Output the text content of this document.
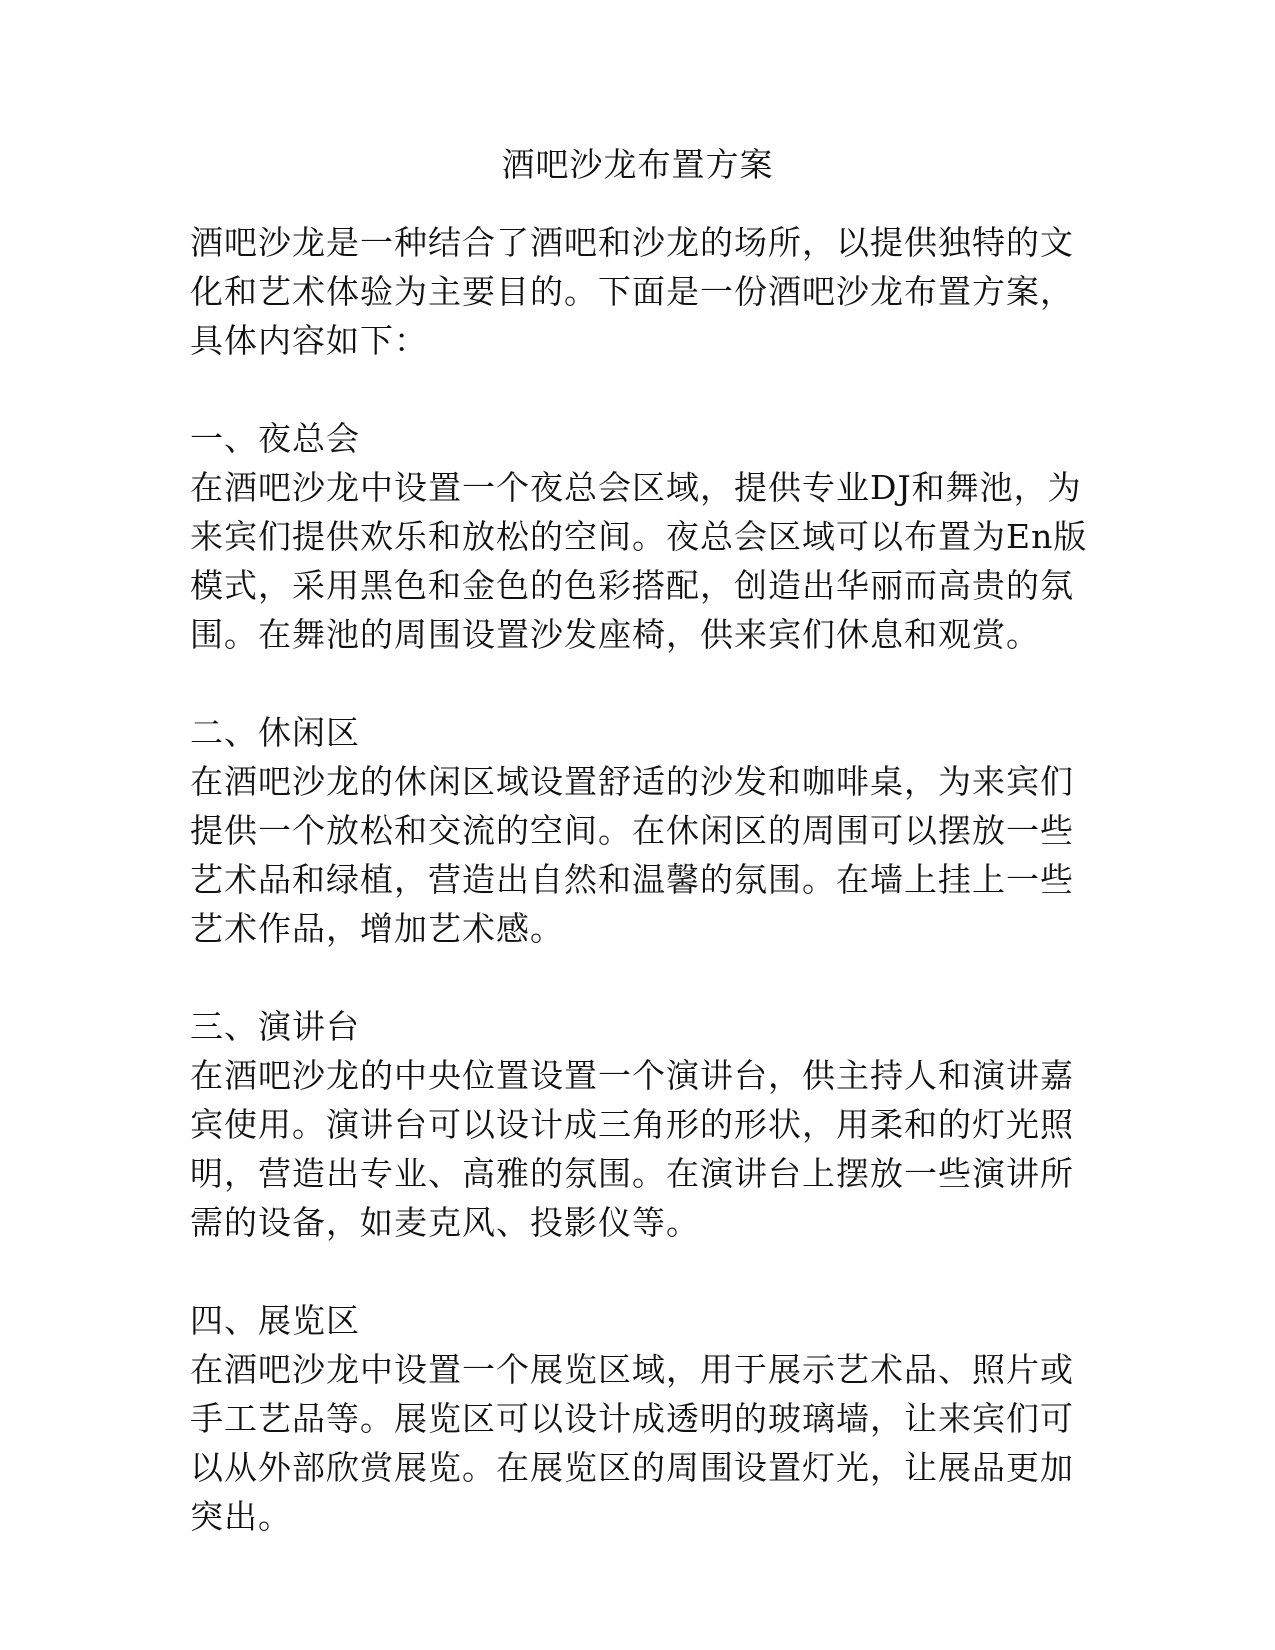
酒吧沙龙布置方案

酒吧沙龙是一种结合了酒吧和沙龙的场所，以提供独特的文化和艺术体验为主要目的。下面是一份酒吧沙龙布置方案，具体内容如下：

一、夜总会

在酒吧沙龙中设置一个夜总会区域，提供专业DJ和舞池，为来宾们提供欢乐和放松的空间。夜总会区域可以布置为En版模式，采用黑色和金色的色彩搭配，创造出华丽而高贵的氛围。在舞池的周围设置沙发座椅，供来宾们休息和观赏。

二、休闲区

在酒吧沙龙的休闲区域设置舒适的沙发和咖啡桌，为来宾们提供一个放松和交流的空间。在休闲区的周围可以摆放一些艺术品和绿植，营造出自然和温馨的氛围。在墙上挂上一些艺术作品，增加艺术感。

三、演讲台

在酒吧沙龙的中央位置设置一个演讲台，供主持人和演讲嘉宾使用。演讲台可以设计成三角形的形状，用柔和的灯光照明，营造出专业、高雅的氛围。在演讲台上摆放一些演讲所需的设备，如麦克风、投影仪等。

四、展览区

在酒吧沙龙中设置一个展览区域，用于展示艺术品、照片或手工艺品等。展览区可以设计成透明的玻璃墙，让来宾们可以从外部欣赏展览。在展览区的周围设置灯光，让展品更加突出。
